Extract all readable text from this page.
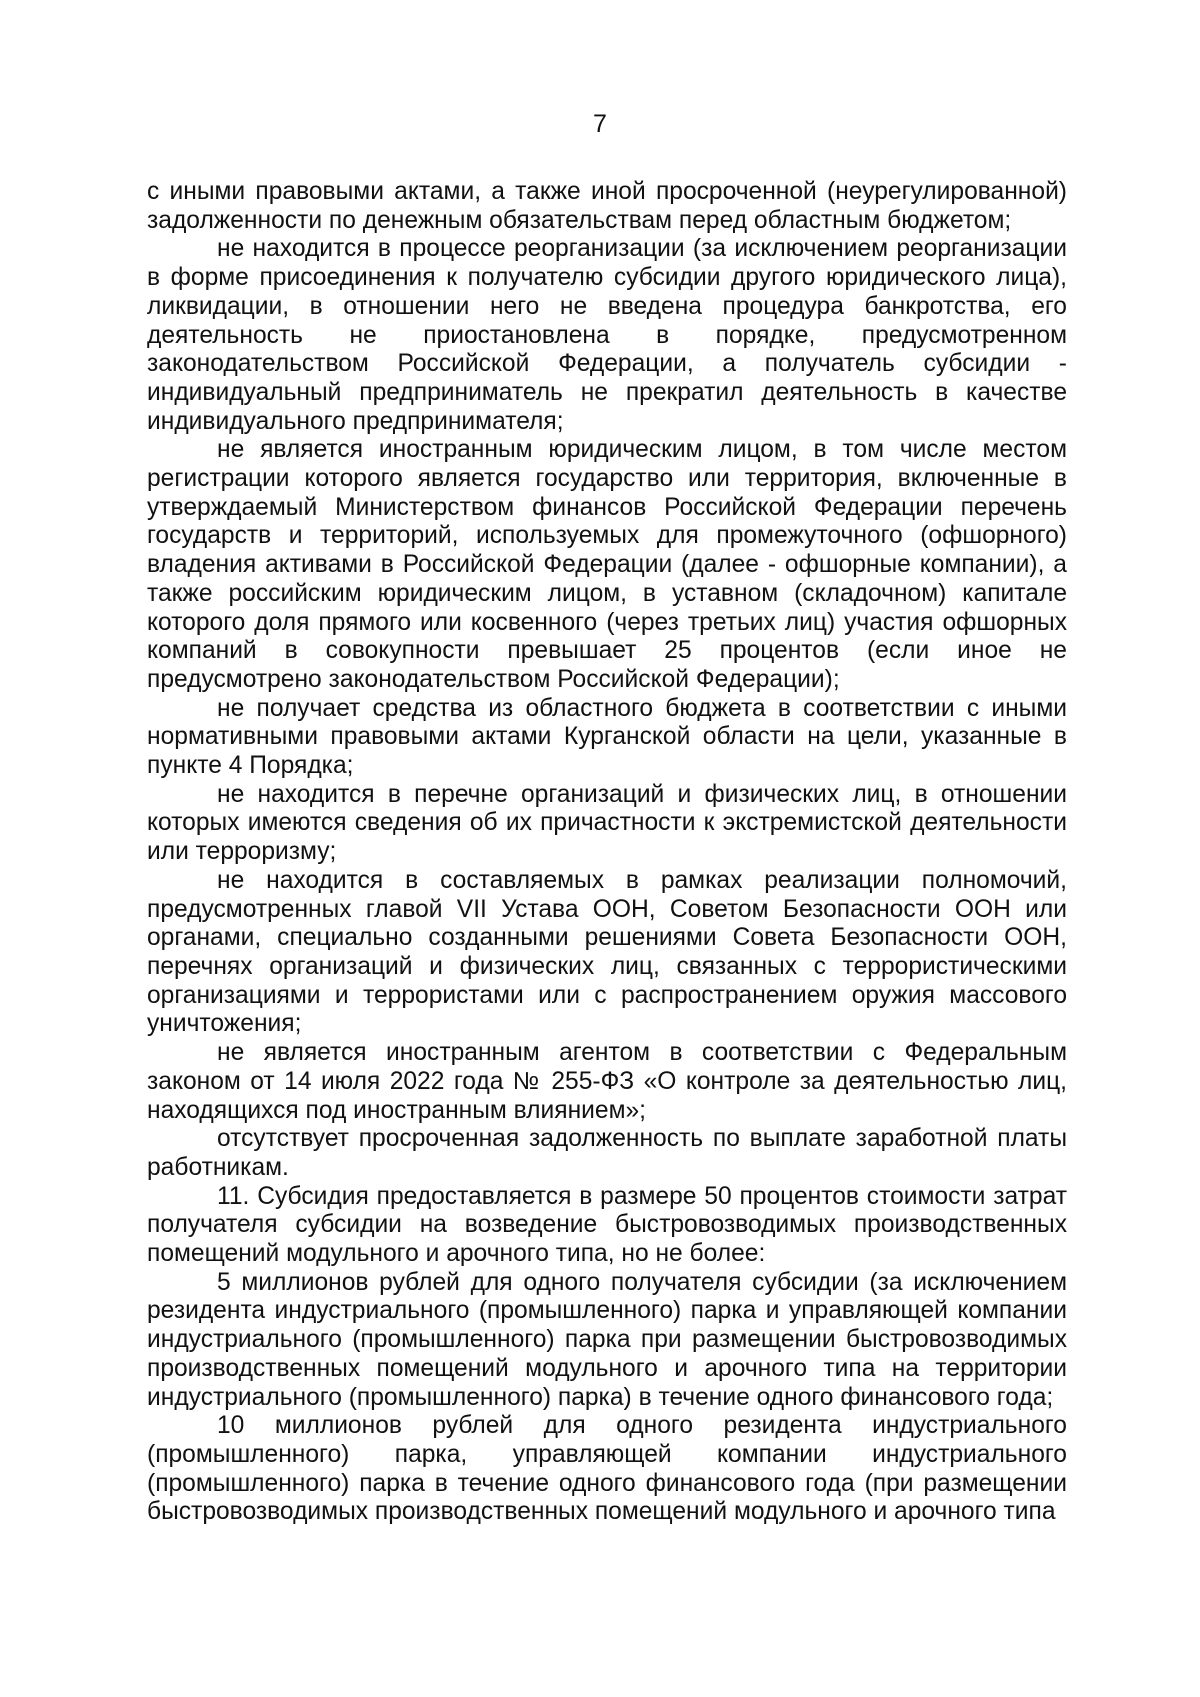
7

с иными правовыми актами, а также иной просроченной (неурегулированной) задолженности по денежным обязательствам перед областным бюджетом;

не находится в процессе реорганизации (за исключением реорганизации в форме присоединения к получателю субсидии другого юридического лица), ликвидации, в отношении него не введена процедура банкротства, его деятельность не приостановлена в порядке, предусмотренном законодательством Российской Федерации, а получатель субсидии - индивидуальный предприниматель не прекратил деятельность в качестве индивидуального предпринимателя;

не является иностранным юридическим лицом, в том числе местом регистрации которого является государство или территория, включенные в утверждаемый Министерством финансов Российской Федерации перечень государств и территорий, используемых для промежуточного (офшорного) владения активами в Российской Федерации (далее - офшорные компании), а также российским юридическим лицом, в уставном (складочном) капитале которого доля прямого или косвенного (через третьих лиц) участия офшорных компаний в совокупности превышает 25 процентов (если иное не предусмотрено законодательством Российской Федерации);

не получает средства из областного бюджета в соответствии с иными нормативными правовыми актами Курганской области на цели, указанные в пункте 4 Порядка;

не находится в перечне организаций и физических лиц, в отношении которых имеются сведения об их причастности к экстремистской деятельности или терроризму;

не находится в составляемых в рамках реализации полномочий, предусмотренных главой VII Устава ООН, Советом Безопасности ООН или органами, специально созданными решениями Совета Безопасности ООН, перечнях организаций и физических лиц, связанных с террористическими организациями и террористами или с распространением оружия массового уничтожения;

не является иностранным агентом в соответствии с Федеральным законом от 14 июля 2022 года № 255-ФЗ «О контроле за деятельностью лиц, находящихся под иностранным влиянием»;

отсутствует просроченная задолженность по выплате заработной платы работникам.

11. Субсидия предоставляется в размере 50 процентов стоимости затрат получателя субсидии на возведение быстровозводимых производственных помещений модульного и арочного типа, но не более:

5 миллионов рублей для одного получателя субсидии (за исключением резидента индустриального (промышленного) парка и управляющей компании индустриального (промышленного) парка при размещении быстровозводимых производственных помещений модульного и арочного типа на территории индустриального (промышленного) парка) в течение одного финансового года;

10 миллионов рублей для одного резидента индустриального (промышленного) парка, управляющей компании индустриального (промышленного) парка в течение одного финансового года (при размещении быстровозводимых производственных помещений модульного и арочного типа
